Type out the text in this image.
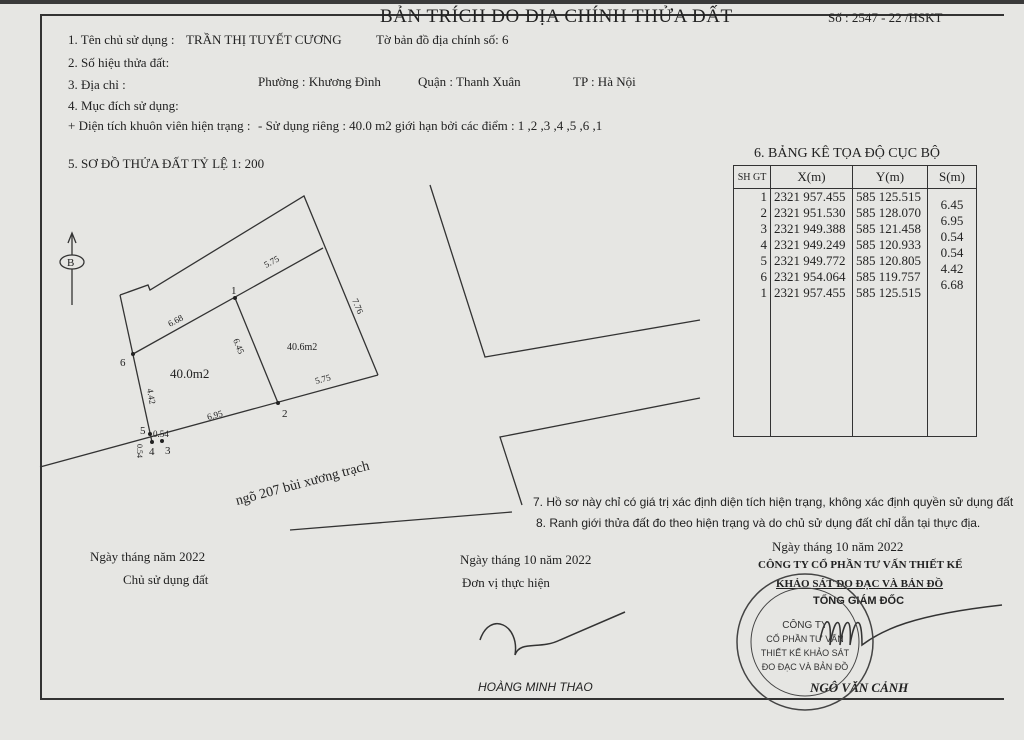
BẢN TRÍCH ĐO ĐỊA CHÍNH THỬA ĐẤT	Số : 2547 - 22 /HSKT
1. Tên chủ sử dụng : TRẦN THỊ TUYẾT CƯƠNG	Tờ bản đồ địa chính số: 6
2. Số hiệu thửa đất:
3. Địa chỉ :	Phường : Khương Đình	Quận : Thanh Xuân	TP : Hà Nội
4. Mục đích sử dụng:
+ Diện tích khuôn viên hiện trạng : - Sử dụng riêng : 40.0 m2 giới hạn bởi các điểm : 1 ,2 ,3 ,4 ,5 ,6 ,1
5. SƠ ĐỒ THỬA ĐẤT TỶ LỆ 1: 200
B
1
2
3
4
5
6
5.75
7.76
6.68
6.45
5.75
4.42
6.95
0.54
0.54
40.0m2
40.6m2
ngõ 207 bùi xương trạch
6. BẢNG KÊ TỌA ĐỘ CỤC BỘ
SH GT	X(m)	Y(m)	S(m)
1	2321 957.455	585 125.515	6.45
2	2321 951.530	585 128.070	6.95
3	2321 949.388	585 121.458	0.54
4	2321 949.249	585 120.933	0.54
5	2321 949.772	585 120.805	4.42
6	2321 954.064	585 119.757	6.68
1	2321 957.455	585 125.515	

7. Hồ sơ này chỉ có giá trị xác định diện tích hiện trạng, không xác định quyền sử dụng đất
8. Ranh giới thửa đất đo theo hiện trạng và do chủ sử dụng đất chỉ dẫn tại thực địa.
Ngày tháng năm 2022
Chủ sử dụng đất
Ngày tháng 10 năm 2022
Đơn vị thực hiện
HOÀNG MINH THAO
Ngày tháng 10 năm 2022
CÔNG TY CỔ PHẦN TƯ VẤN THIẾT KẾ
KHẢO SÁT ĐO ĐẠC VÀ BẢN ĐỒ
TỔNG GIÁM ĐỐC
NGÔ VĂN CẢNH
CÔNG TY
CỔ PHẦN TƯ VẤN
THIẾT KẾ KHẢO SÁT
ĐO ĐẠC VÀ BẢN ĐỒ
